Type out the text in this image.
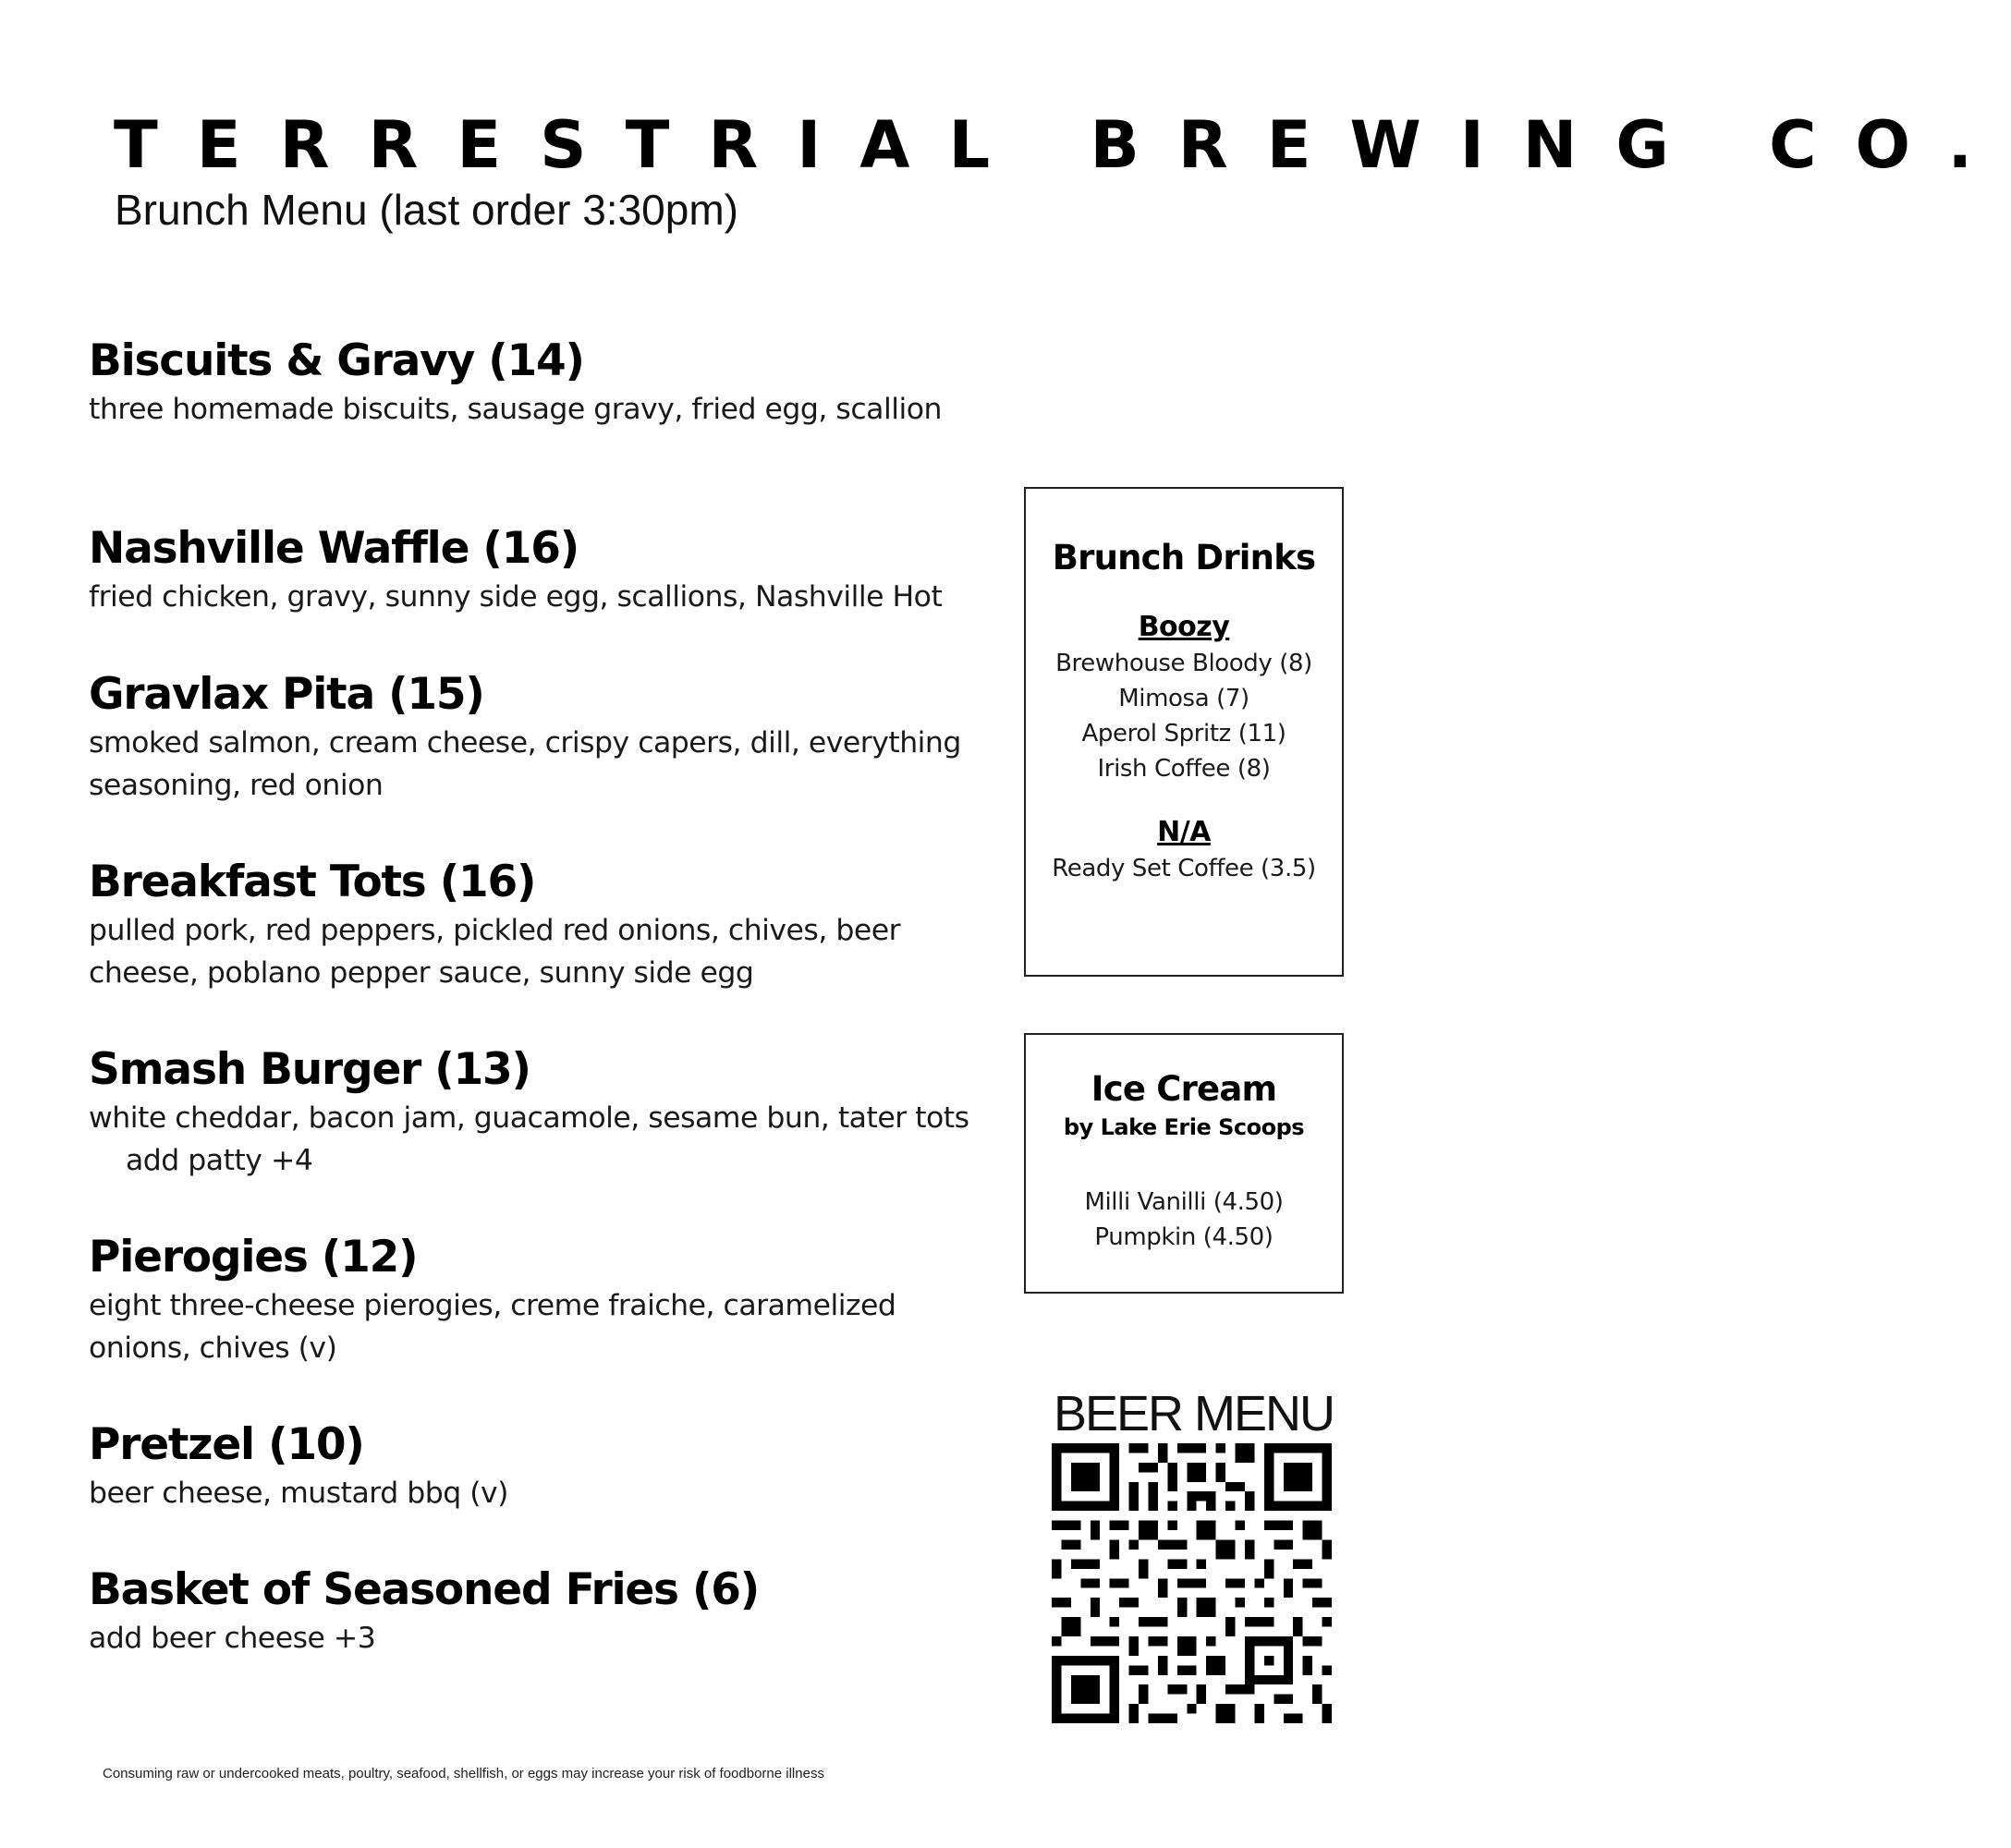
TERRESTRIAL BREWING CO.

Brunch Menu (last order 3:30pm)

Biscuits & Gravy (14)

three homemade biscuits, sausage gravy, fried egg, scallion

Nashville Waffle (16)

fried chicken, gravy, sunny side egg, scallions, Nashville Hot

Gravlax Pita (15)

smoked salmon, cream cheese, crispy capers, dill, everything seasoning, red onion

Breakfast Tots (16)

pulled pork, red peppers, pickled red onions, chives, beer cheese, poblano pepper sauce, sunny side egg

Smash Burger (13)

white cheddar, bacon jam, guacamole, sesame bun, tater tots

add patty +4

Pierogies (12)

eight three-cheese pierogies, creme fraiche, caramelized onions, chives (v)

Pretzel (10)

beer cheese, mustard bbq (v)

Basket of Seasoned Fries (6)

add beer cheese +3

Brunch Drinks

Boozy

Brewhouse Bloody (8)

Mimosa (7)

Aperol Spritz (11)

Irish Coffee (8)

N/A

Ready Set Coffee (3.5)

Ice Cream

by Lake Erie Scoops

Milli Vanilli (4.50)

Pumpkin (4.50)

BEER MENU

Consuming raw or undercooked meats, poultry, seafood, shellfish, or eggs may increase your risk of foodborne illness
